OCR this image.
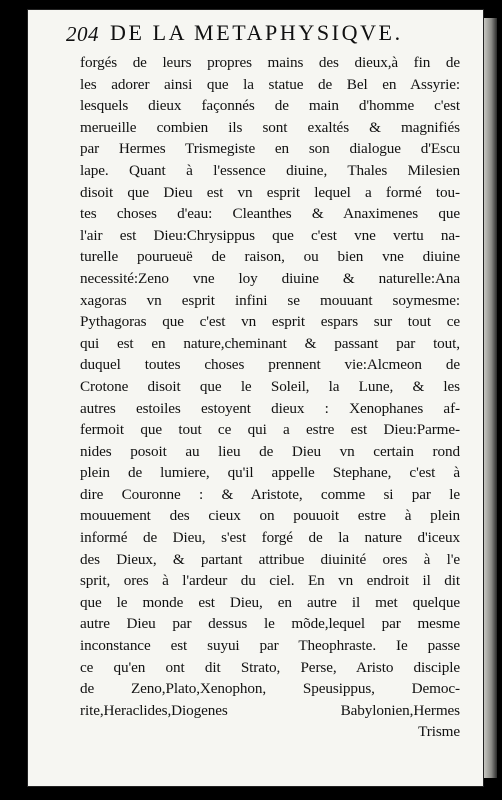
204 DE LA METAPHYSIQVE.
forgés de leurs propres mains des dieux,à fin de
les adorer ainsi que la statue de Bel en Assyrie:
lesquels dieux façonnés de main d'homme c'est
merueille combien ils sont exaltés & magnifiés
par Hermes Trismegiste en son dialogue d'Escu
lape. Quant à l'essence diuine, Thales Milesien
disoit que Dieu est vn esprit lequel a formé tou-
tes choses d'eau: Cleanthes & Anaximenes que
l'air est Dieu:Chrysippus que c'est vne vertu na-
turelle pourueuë de raison, ou bien vne diuine
necessité:Zeno vne loy diuine & naturelle:Ana
xagoras vn esprit infini se mouuant soymesme:
Pythagoras que c'est vn esprit espars sur tout ce
qui est en nature,cheminant & passant par tout,
duquel toutes choses prennent vie:Alcmeon de
Crotone disoit que le Soleil, la Lune, & les
autres estoiles estoyent dieux : Xenophanes af-
fermoit que tout ce qui a estre est Dieu:Parme-
nides posoit au lieu de Dieu vn certain rond
plein de lumiere, qu'il appelle Stephane, c'est à
dire Couronne : & Aristote, comme si par le
mouuement des cieux on pouuoit estre à plein
informé de Dieu, s'est forgé de la nature d'iceux
des Dieux, & partant attribue diuinité ores à l'e
sprit, ores à l'ardeur du ciel. En vn endroit il dit
que le monde est Dieu, en autre il met quelque
autre Dieu par dessus le mõde,lequel par mesme
inconstance est suyui par Theophraste. Ie passe
ce qu'en ont dit Strato, Perse, Aristo disciple
de Zeno,Plato,Xenophon, Speusippus, Democ-
rite,Heraclides,Diogenes Babylonien,Hermes
Trisme
